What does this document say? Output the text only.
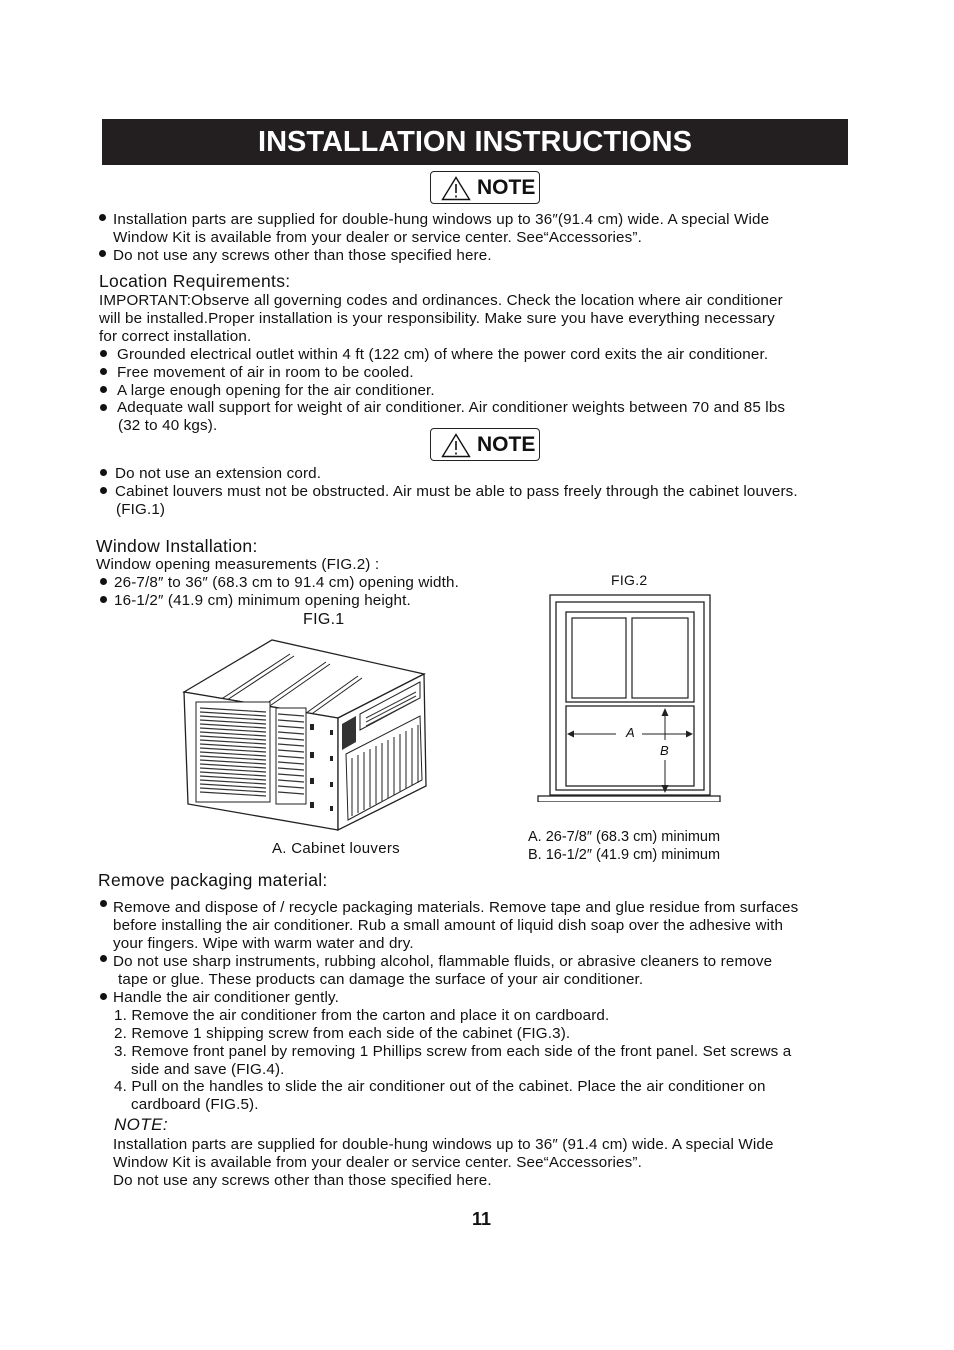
INSTALLATION INSTRUCTIONS
NOTE
Installation parts are supplied for double-hung windows up to 36″(91.4 cm) wide. A special Wide
Window Kit is available from your dealer or service center. See“Accessories”.
Do not use any screws other than those specified here.
Location Requirements:
IMPORTANT:Observe all governing codes and ordinances. Check the location where air conditioner
will be installed.Proper installation is your responsibility. Make sure you have everything necessary
for correct installation.
Grounded electrical outlet within 4 ft (122 cm) of where the power cord exits the air conditioner.
Free movement of air in room to be cooled.
A large enough opening for the air conditioner.
Adequate wall support for weight of air conditioner. Air conditioner weights between 70 and 85 lbs
(32 to 40 kgs).
NOTE
Do not use an extension cord.
Cabinet louvers must not be obstructed. Air must be able to pass freely through the cabinet louvers.
(FIG.1)
Window Installation:
Window opening measurements (FIG.2) :
26-7/8″ to 36″ (68.3 cm to 91.4 cm) opening width.
16-1/2″ (41.9 cm) minimum opening height.
FIG.1
A. Cabinet louvers
FIG.2
A
B
A. 26-7/8″ (68.3 cm) minimum
B. 16-1/2″ (41.9 cm) minimum
Remove packaging material:
Remove and dispose of / recycle packaging materials. Remove tape and glue residue from surfaces
before installing the air conditioner. Rub a small amount of liquid dish soap over the adhesive with
your fingers. Wipe with warm water and dry.
Do not use sharp instruments, rubbing alcohol, flammable fluids, or abrasive cleaners to remove
tape or glue. These products can damage the surface of your air conditioner.
Handle the air conditioner gently.
1. Remove the air conditioner from the carton and place it on cardboard.
2. Remove 1 shipping screw from each side of the cabinet (FIG.3).
3. Remove front panel by removing 1 Phillips screw from each side of the front panel. Set screws a
side and save (FIG.4).
4. Pull on the handles to slide the air conditioner out of the cabinet. Place the air conditioner on
cardboard (FIG.5).
NOTE:
Installation parts are supplied for double-hung windows up to 36″ (91.4 cm) wide. A special Wide
Window Kit is available from your dealer or service center. See“Accessories”.
Do not use any screws other than those specified here.
11
